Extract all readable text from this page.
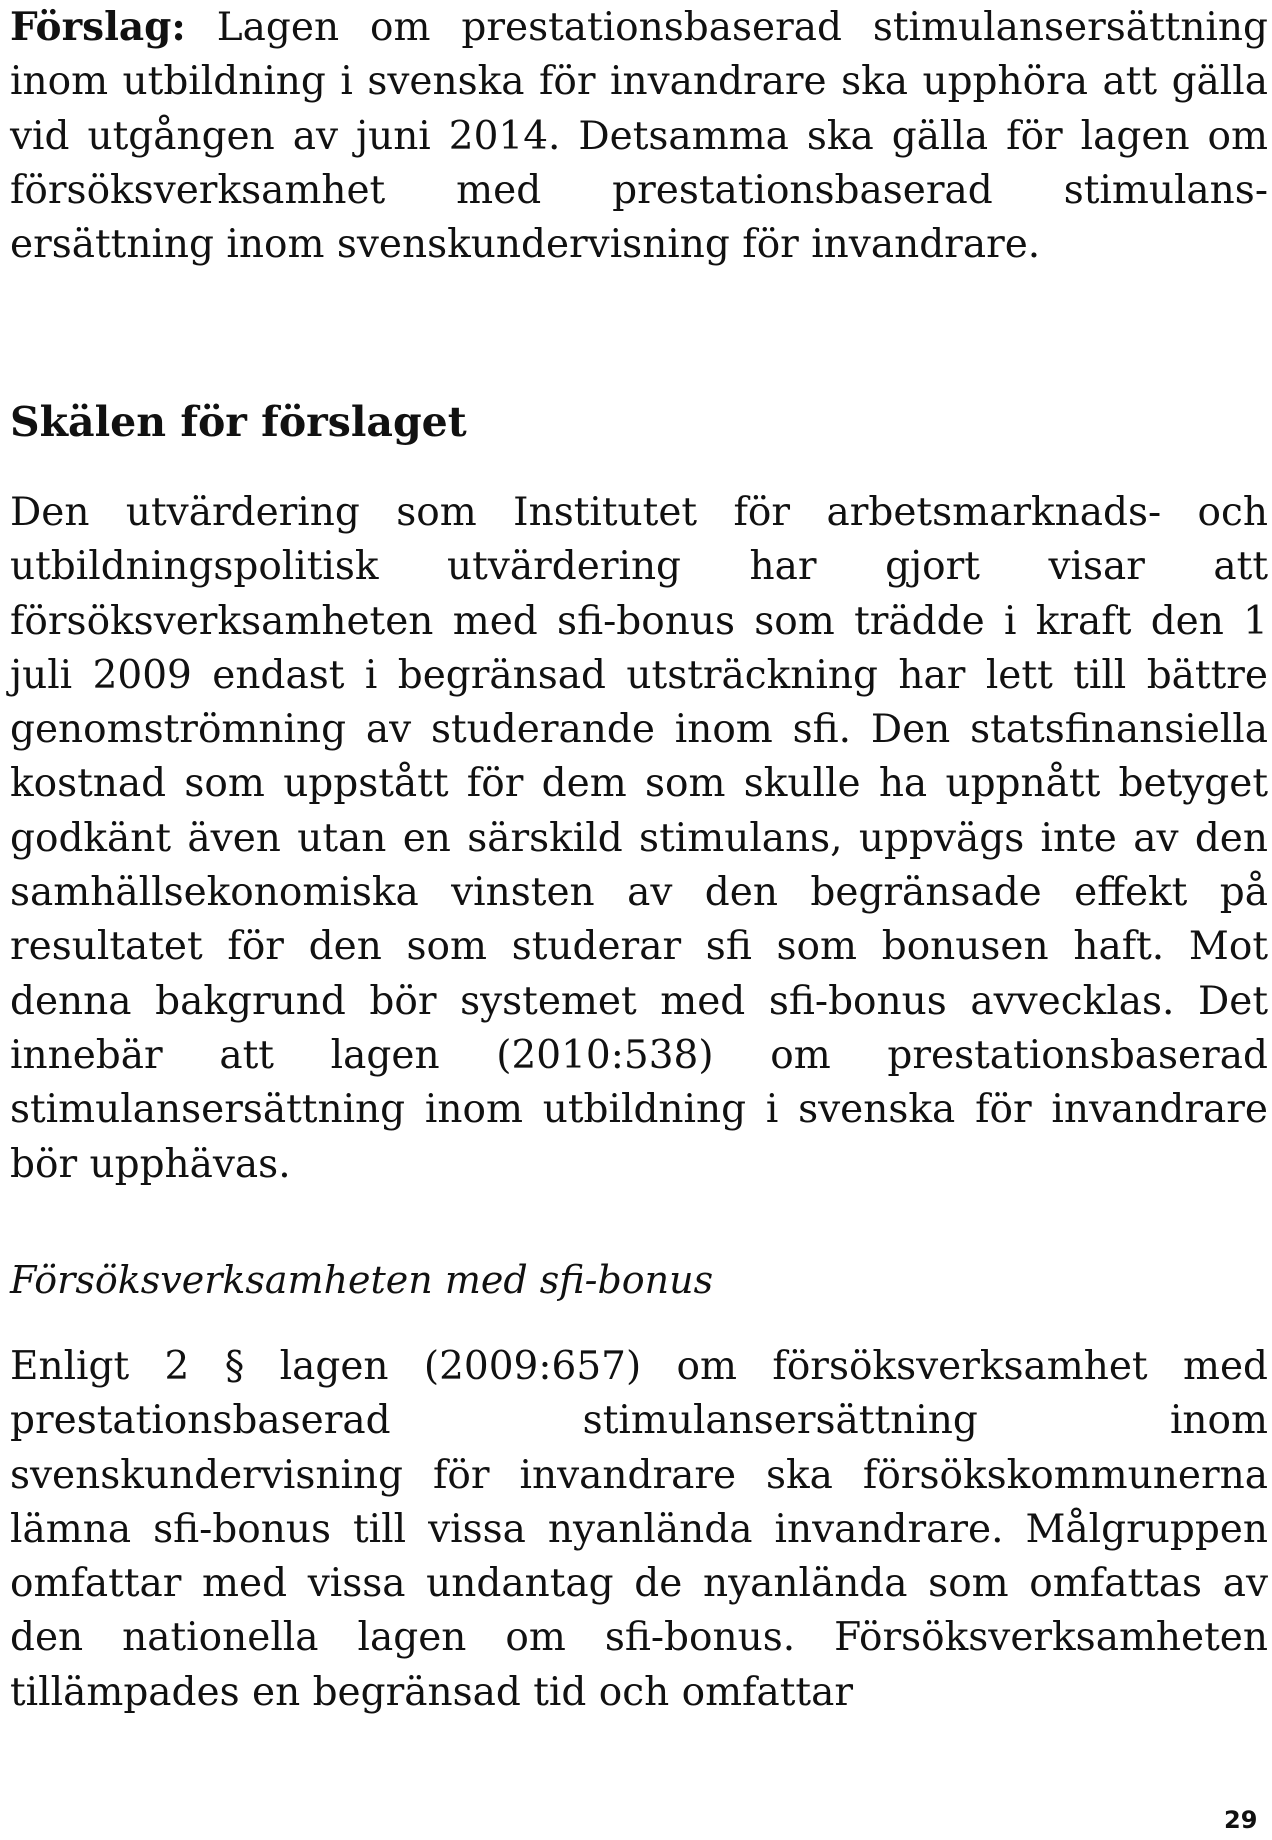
Förslag: Lagen om prestationsbaserad stimulansersättning inom utbildning i svenska för invandrare ska upphöra att gälla vid utgången av juni 2014. Detsamma ska gälla för lagen om försöksverksamhet med prestationsbaserad stimulansersättning inom svenskundervisning för invandrare.

Skälen för förslaget

Den utvärdering som Institutet för arbetsmarknads- och utbildningspolitisk utvärdering har gjort visar att försöksverksamheten med sfi-bonus som trädde i kraft den 1 juli 2009 endast i begränsad utsträckning har lett till bättre genomströmning av studerande inom sfi. Den statsfinansiella kostnad som uppstått för dem som skulle ha uppnått betyget godkänt även utan en särskild stimulans, uppvägs inte av den samhällsekonomiska vinsten av den begränsade effekt på resultatet för den som studerar sfi som bonusen haft. Mot denna bakgrund bör systemet med sfi-bonus avvecklas. Det innebär att lagen (2010:538) om prestationsbaserad stimulansersättning inom utbildning i svenska för invandrare bör upphävas.

Försöksverksamheten med sfi-bonus

Enligt 2 § lagen (2009:657) om försöksverksamhet med prestationsbaserad stimulansersättning inom svenskundervisning för invandrare ska försökskommunerna lämna sfi-bonus till vissa nyanlända invandrare. Målgruppen omfattar med vissa undantag de nyanlända som omfattas av den nationella lagen om sfi-bonus. Försöksverksamheten tillämpades en begränsad tid och omfattar

29
